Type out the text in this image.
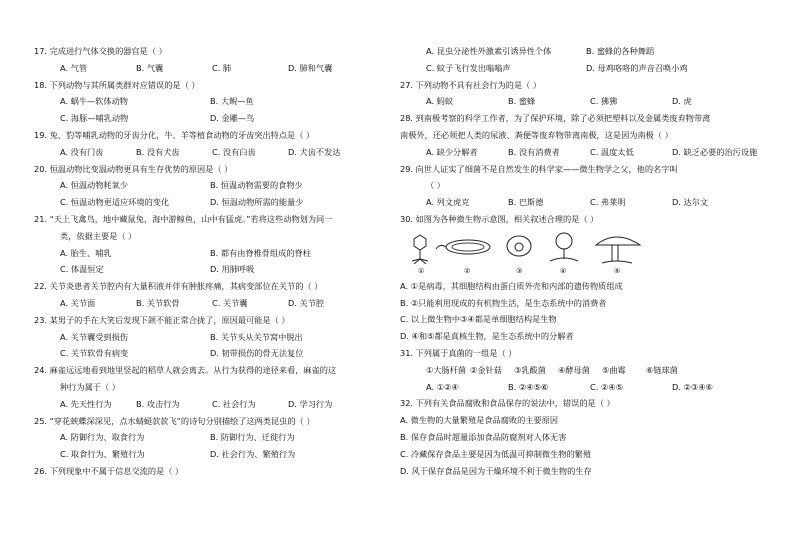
17. 完成进行气体交换的器官是（ ）
A. 气管	B. 气囊	C. 肺	D. 肺和气囊
18. 下列动物与其所属类群对应错误的是（ ）
A. 蜗牛—软体动物	B. 大鲵—鱼
C. 海豚—哺乳动物	D. 金雕—鸟
19. 兔、豹等哺乳动物的牙齿分化，牛、羊等植食动物的牙齿突出特点是（ ）
A. 没有门齿	B. 没有犬齿	C. 没有臼齿	D. 犬齿不发达
20. 恒温动物比变温动物更具有生存优势的原因是（ ）
A. 恒温动物耗氧少	B. 恒温动物需要的食物少
C. 恒温动物更适应环境的变化	D. 恒温动物所需的能量少
21. “天上飞禽鸟，地中藏鼠兔，海中游鲸鱼，山中有猛虎。”若将这些动物划为同一
类，依据主要是（ ）
A. 胎生、哺乳	B. 都有由脊椎骨组成的脊柱
C. 体温恒定	D. 用肺呼吸
22. 关节炎患者关节腔内有大量积液并伴有肿胀疼痛，其病变部位在关节的（ ）
A. 关节面	B. 关节软骨	C. 关节囊	D. 关节腔
23. 某男子的手在大笑后发现下颌不能正常合拢了，原因最可能是（ ）
A. 关节囊受到损伤	B. 关节头从关节窝中脱出
C. 关节软骨有病变	D. 韧带损伤的骨无法复位
24. 麻雀远远地看到地里竖起的稻草人就会离去。从行为获得的途径来看，麻雀的这
种行为属于（ ）
A. 先天性行为	B. 攻击行为	C. 社会行为	D. 学习行为
25. “穿花蛱蝶深深见，点水蜻蜓款款飞”的诗句分别描绘了这两类昆虫的（ ）
A. 防御行为、取食行为	B. 防御行为、迁徙行为
C. 取食行为、繁殖行为	D. 社会行为、繁殖行为
26. 下列现象中不属于信息交流的是（ ）
A. 昆虫分泌性外激素引诱异性个体	B. 蜜蜂的各种舞蹈
C. 蚊子飞行发出嗡嗡声	D. 母鸡咯咯的声音召唤小鸡
27. 下列动物不具有社会行为的是（ ）
A. 蚂蚁	B. 蜜蜂	C. 狒狒	D. 虎
28. 到南极考察的科学工作者，为了保护环境，除了必须把塑料以及金属类废弃物带离
南极外，还必须把人类的尿液、粪便等废弃物带离南极，这是因为南极（ ）
A. 缺少分解者	B. 没有消费者	C. 温度太低	D. 缺乏必要的治污设施
29. 向世人证实了细菌不是自然发生的科学家——微生物学之父，他的名字叫
（ ）
A. 列文虎克	B. 巴斯德	C. 弗莱明	D. 达尔文
30. 如图为各种微生物示意图，相关叙述合理的是（ ）
①	②	③	④	⑤
A. ①是病毒，其细胞结构由蛋白质外壳和内部的遗传物质组成
B. ②只能利用现成的有机物生活，是生态系统中的消费者
C. 以上微生物中③④都是单细胞结构是生物
D. ④和⑤都是真核生物，是生态系统中的分解者
31. 下列属于真菌的一组是（ ）
①大肠杆菌 ②金针菇 ③乳酸菌 ④酵母菌 ⑤曲霉 ⑥链球菌
A. ①②④	B. ②④⑤⑥	C. ②④⑤	D. ②③④⑥
32. 下列有关食品腐败和食品保存的说法中，错误的是（ ）
A. 微生物的大量繁殖是食品腐败的主要原因
B. 保存食品时超量添加食品防腐剂对人体无害
C. 冷藏保存食品主要是因为低温可抑制微生物的繁殖
D. 风干保存食品是因为干燥环境不利于微生物的生存
